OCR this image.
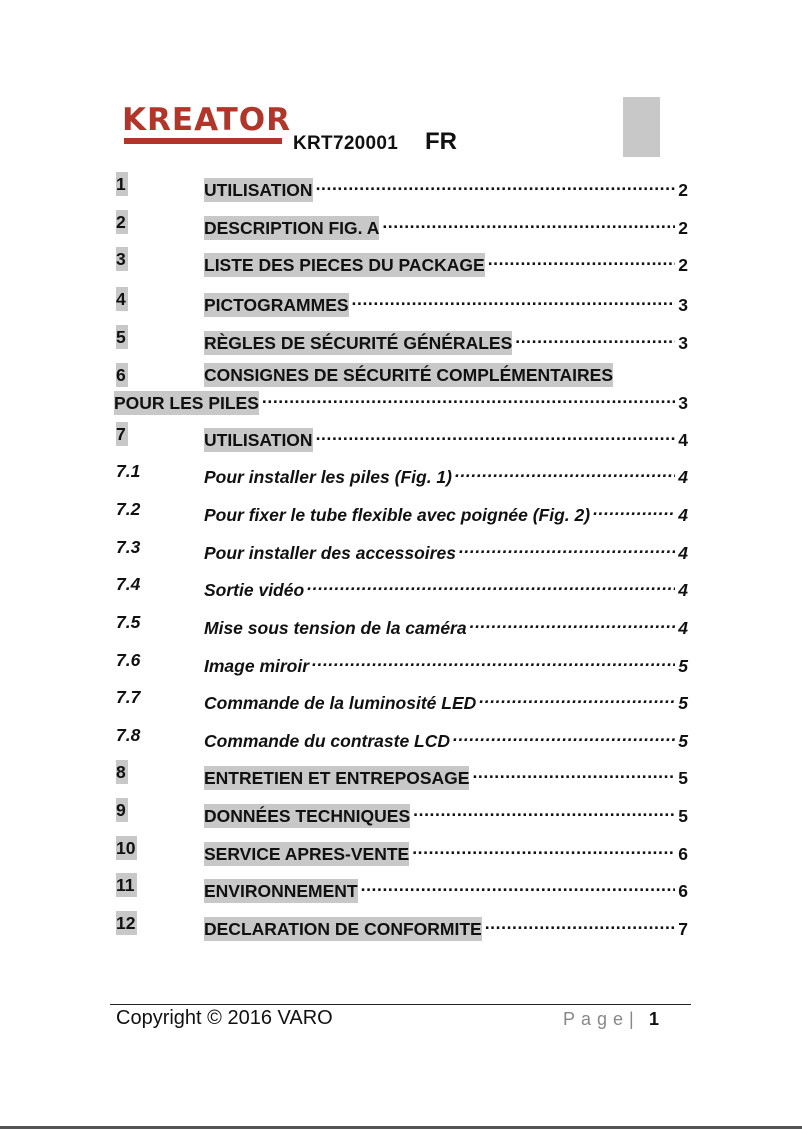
KREATOR
KRT720001 FR
1	UTILISATION .....	2
2	DESCRIPTION FIG. A .....	2
3	LISTE DES PIECES DU PACKAGE .....	2
4	PICTOGRAMMES .....	3
5	RÈGLES DE SÉCURITÉ GÉNÉRALES .....	3
6	CONSIGNES DE SÉCURITÉ COMPLÉMENTAIRES
POUR LES PILES .....	3
7	UTILISATION .....	4
7.1	Pour installer les piles (Fig. 1) .....	4
7.2	Pour fixer le tube flexible avec poignée (Fig. 2) .....	4
7.3	Pour installer des accessoires .....	4
7.4	Sortie vidéo .....	4
7.5	Mise sous tension de la caméra .....	4
7.6	Image miroir .....	5
7.7	Commande de la luminosité LED .....	5
7.8	Commande du contraste LCD .....	5
8	ENTRETIEN ET ENTREPOSAGE .....	5
9	DONNÉES TECHNIQUES .....	5
10	SERVICE APRES-VENTE .....	6
11	ENVIRONNEMENT .....	6
12	DECLARATION DE CONFORMITE .....	7
Copyright © 2016 VARO	Page| 1
